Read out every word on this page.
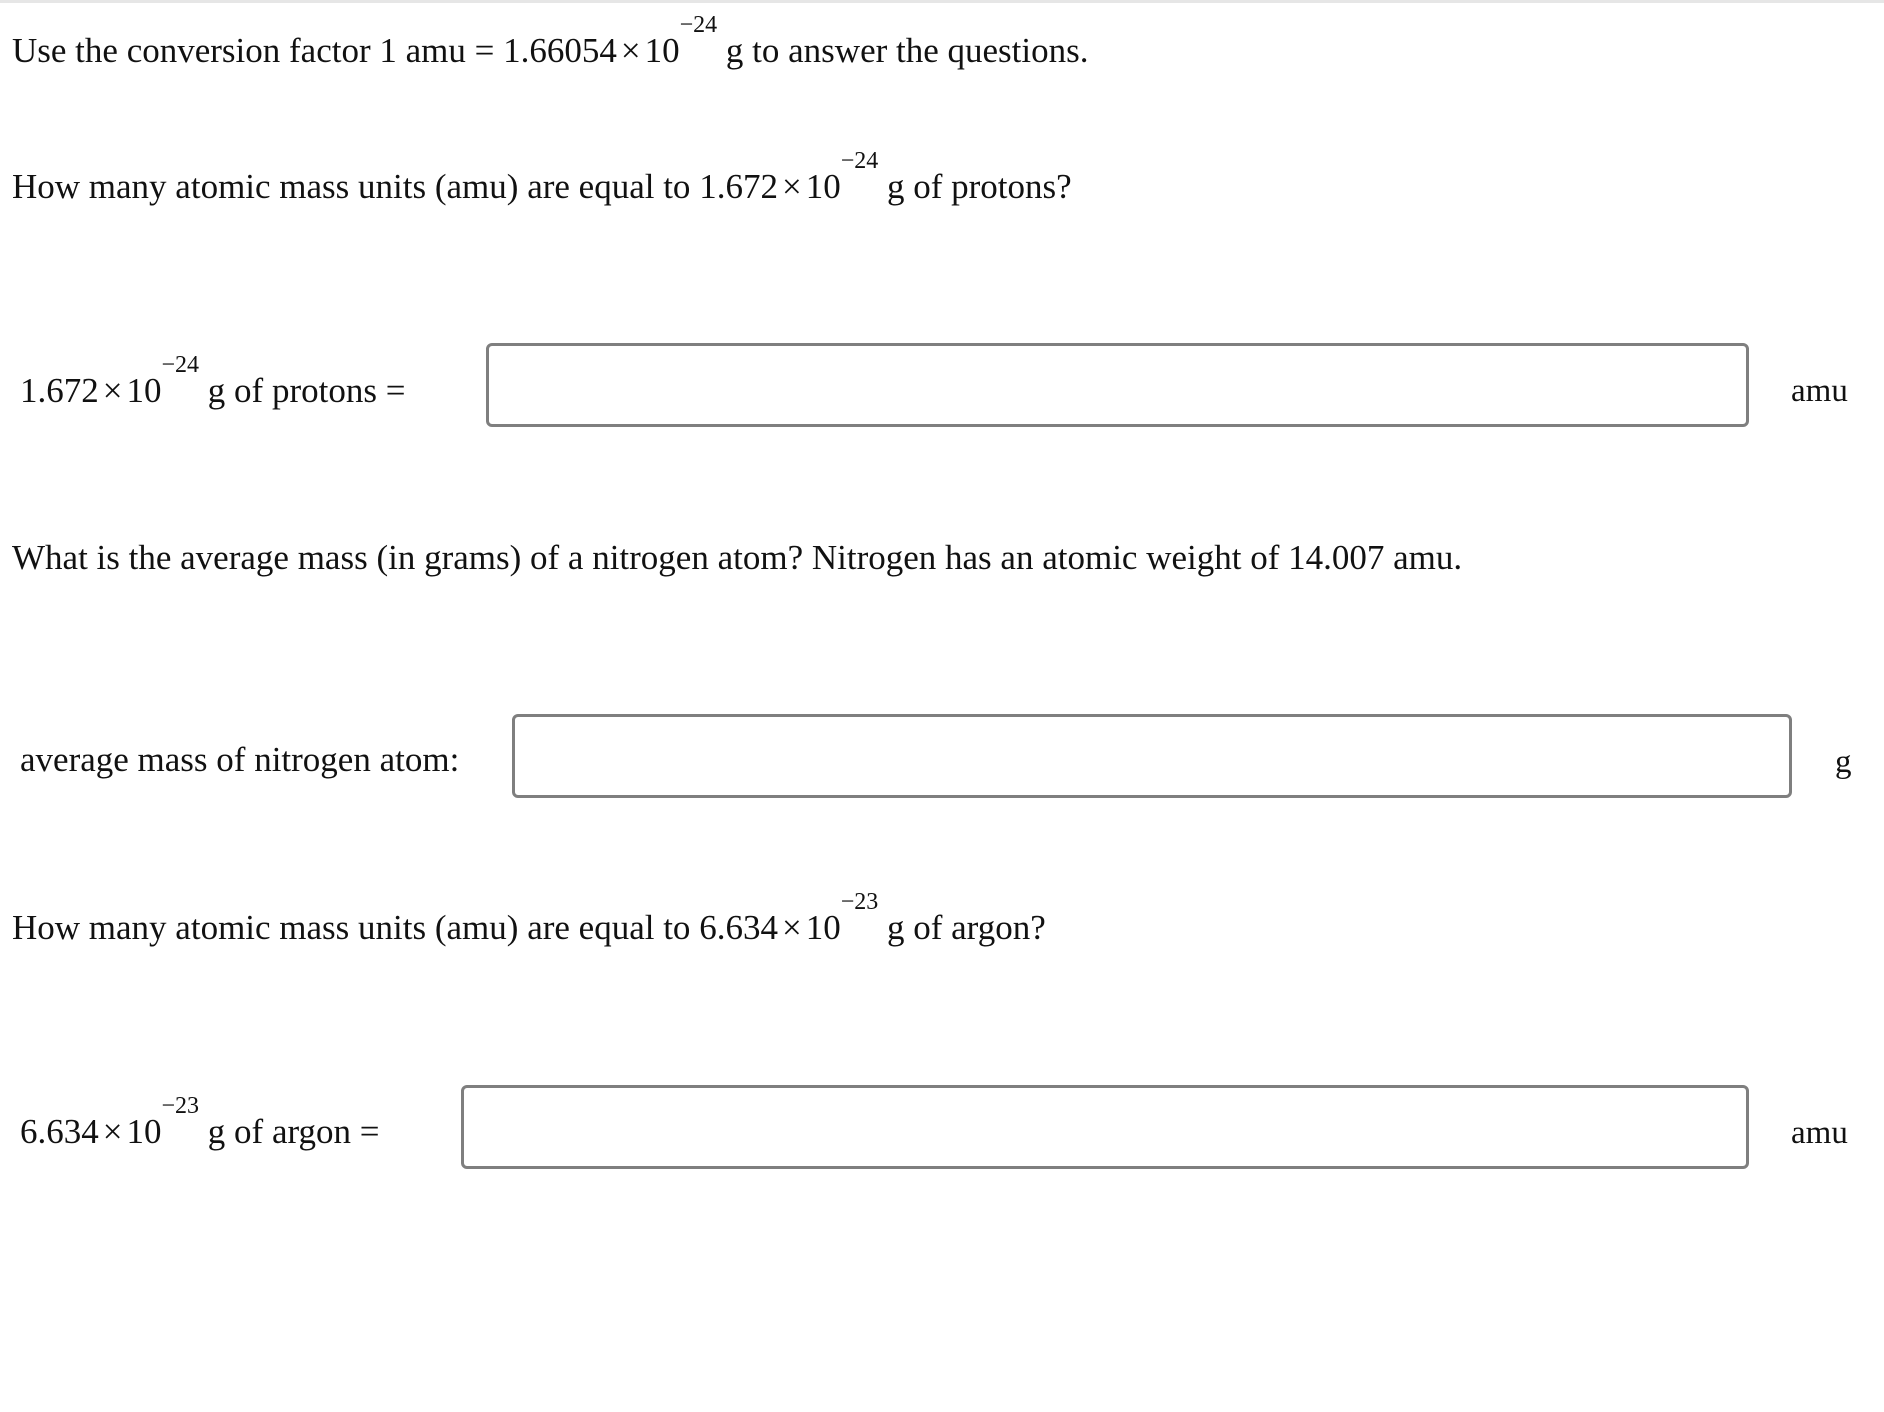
Use the conversion factor 1 amu = $1.66054 \times 10^{-24}$ g to answer the questions.
How many atomic mass units (amu) are equal to $1.672 \times 10^{-24}$ g of protons?
$1.672 \times 10^{-24}$ g of protons =	amu
What is the average mass (in grams) of a nitrogen atom? Nitrogen has an atomic weight of 14.007 amu.
average mass of nitrogen atom:	g
How many atomic mass units (amu) are equal to $6.634 \times 10^{-23}$ g of argon?
$6.634 \times 10^{-23}$ g of argon =	amu
